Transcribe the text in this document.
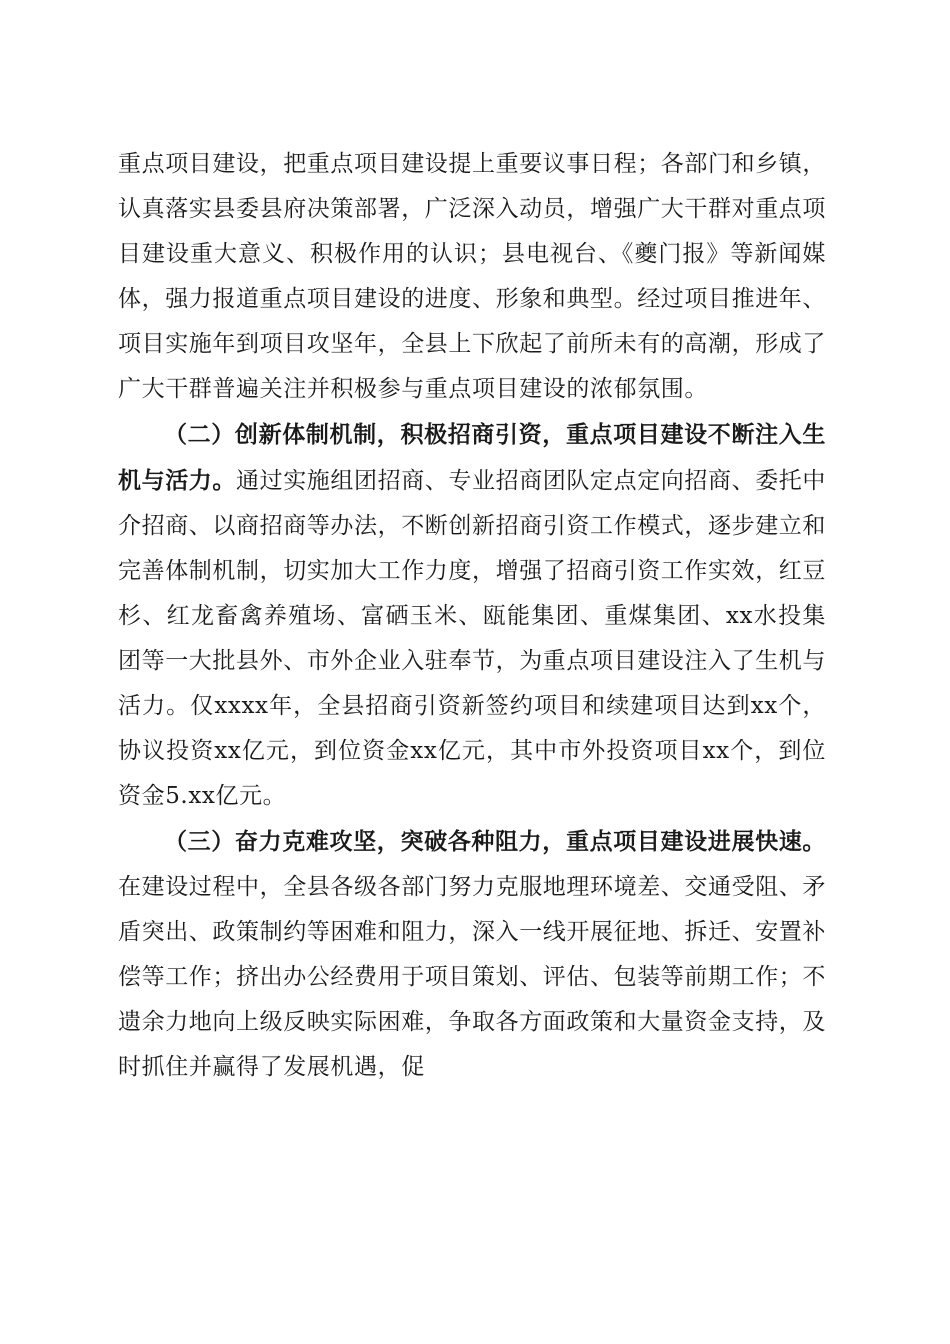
重点项目建设，把重点项目建设提上重要议事日程；各部门和乡镇，认真落实县委县府决策部署，广泛深入动员，增强广大干群对重点项目建设重大意义、积极作用的认识；县电视台、《夔门报》等新闻媒体，强力报道重点项目建设的进度、形象和典型。经过项目推进年、项目实施年到项目攻坚年，全县上下欣起了前所未有的高潮，形成了广大干群普遍关注并积极参与重点项目建设的浓郁氛围。

（二）创新体制机制，积极招商引资，重点项目建设不断注入生机与活力。通过实施组团招商、专业招商团队定点定向招商、委托中介招商、以商招商等办法，不断创新招商引资工作模式，逐步建立和完善体制机制，切实加大工作力度，增强了招商引资工作实效，红豆杉、红龙畜禽养殖场、富硒玉米、瓯能集团、重煤集团、xx水投集团等一大批县外、市外企业入驻奉节，为重点项目建设注入了生机与活力。仅xxxx年，全县招商引资新签约项目和续建项目达到xx个，协议投资xx亿元，到位资金xx亿元，其中市外投资项目xx个，到位资金5.xx亿元。

（三）奋力克难攻坚，突破各种阻力，重点项目建设进展快速。在建设过程中，全县各级各部门努力克服地理环境差、交通受阻、矛盾突出、政策制约等困难和阻力，深入一线开展征地、拆迁、安置补偿等工作；挤出办公经费用于项目策划、评估、包装等前期工作；不遗余力地向上级反映实际困难，争取各方面政策和大量资金支持，及时抓住并赢得了发展机遇，促
